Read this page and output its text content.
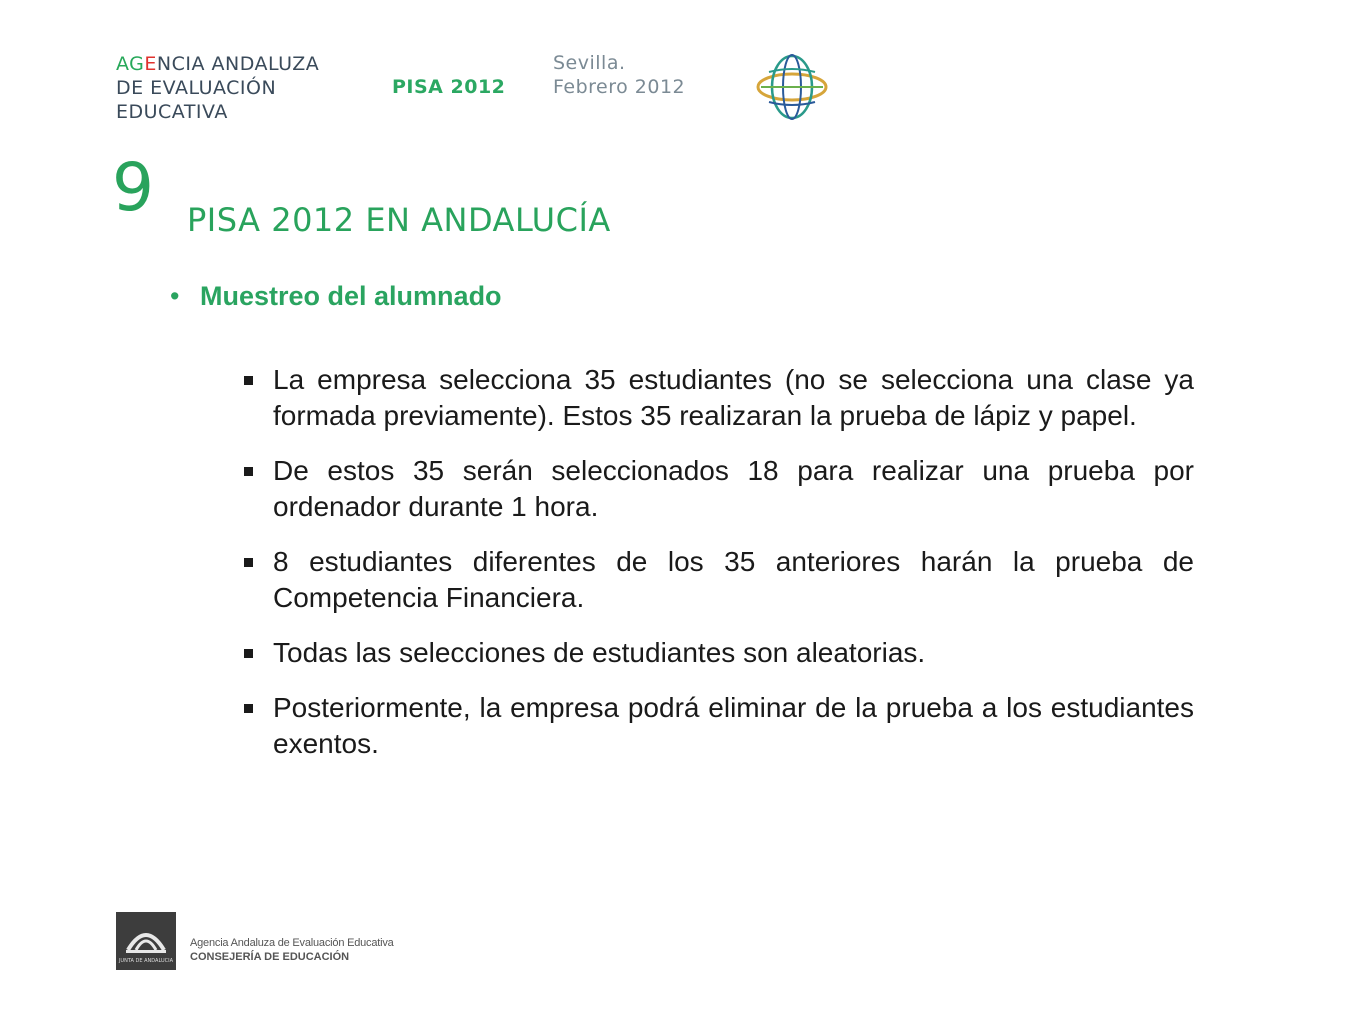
AGENCIA ANDALUZA
DE EVALUACIÓN
EDUCATIVA
PISA 2012
Sevilla.
Febrero 2012
9 PISA 2012 EN ANDALUCÍA
• Muestreo del alumnado
La empresa selecciona 35 estudiantes (no se selecciona una clase ya formada previamente). Estos 35 realizaran la prueba de lápiz y papel.
De estos 35 serán seleccionados 18 para realizar una prueba por ordenador durante 1 hora.
8 estudiantes diferentes de los 35 anteriores harán la prueba de Competencia Financiera.
Todas las selecciones de estudiantes son aleatorias.
Posteriormente, la empresa podrá eliminar de la prueba a los estudiantes exentos.
JUNTA DE ANDALUCIA
Agencia Andaluza de Evaluación Educativa
CONSEJERÍA DE EDUCACIÓN
